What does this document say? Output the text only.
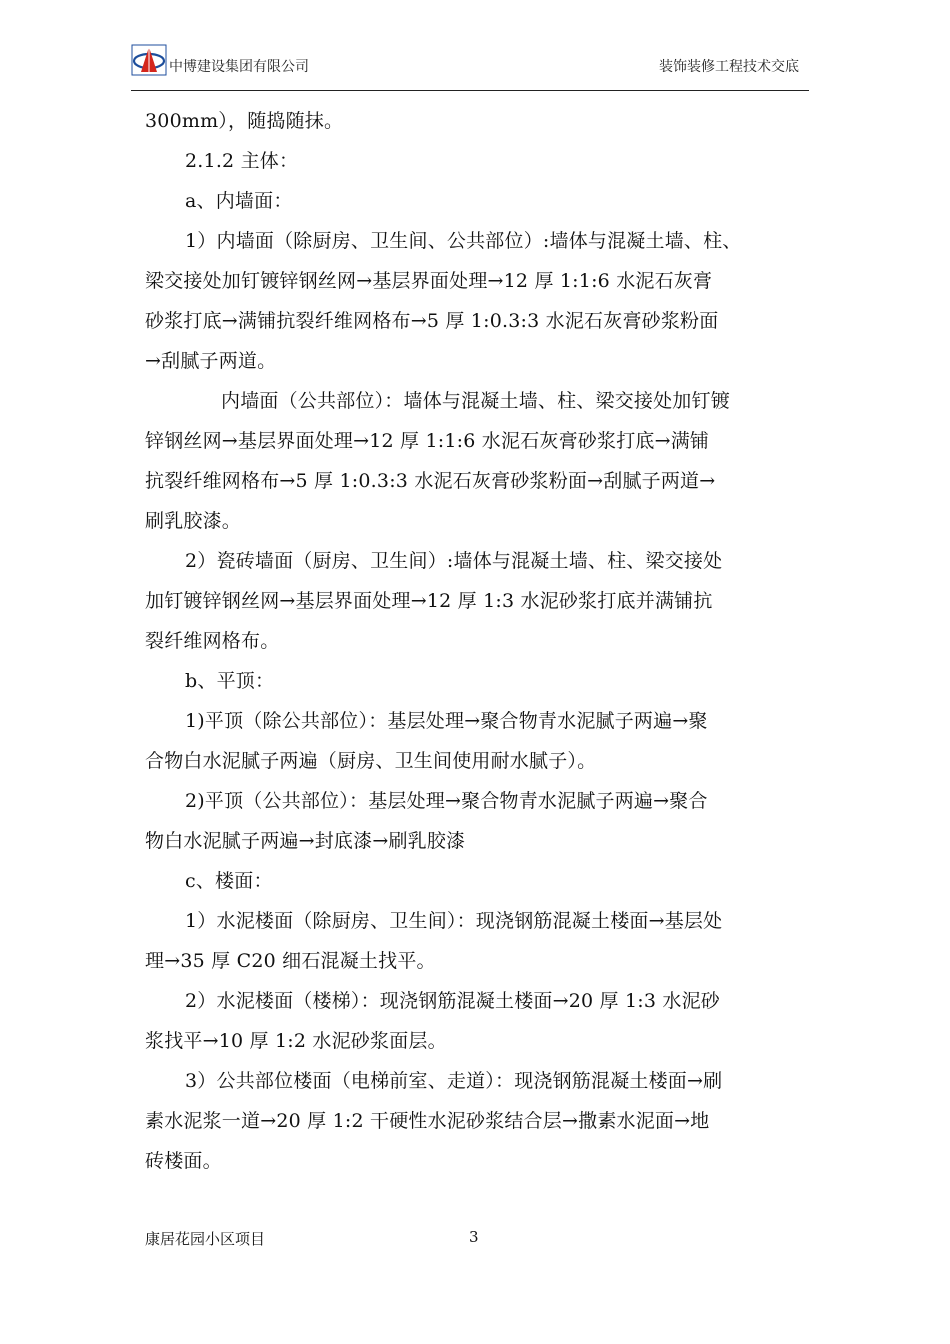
中博建设集团有限公司	装饰装修工程技术交底

300mm），随捣随抹。

2.1.2 主体：

a、内墙面：

1）内墙面（除厨房、卫生间、公共部位）:墙体与混凝土墙、柱、

梁交接处加钉镀锌钢丝网→基层界面处理→12 厚 1:1:6 水泥石灰膏

砂浆打底→满铺抗裂纤维网格布→5 厚 1:0.3:3 水泥石灰膏砂浆粉面

→刮腻子两道。

内墙面（公共部位）：墙体与混凝土墙、柱、梁交接处加钉镀

锌钢丝网→基层界面处理→12 厚 1:1:6 水泥石灰膏砂浆打底→满铺

抗裂纤维网格布→5 厚 1:0.3:3 水泥石灰膏砂浆粉面→刮腻子两道→

刷乳胶漆。

2）瓷砖墙面（厨房、卫生间）:墙体与混凝土墙、柱、梁交接处

加钉镀锌钢丝网→基层界面处理→12 厚 1:3 水泥砂浆打底并满铺抗

裂纤维网格布。

b、平顶：

1)平顶（除公共部位）：基层处理→聚合物青水泥腻子两遍→聚

合物白水泥腻子两遍（厨房、卫生间使用耐水腻子）。

2)平顶（公共部位）：基层处理→聚合物青水泥腻子两遍→聚合

物白水泥腻子两遍→封底漆→刷乳胶漆

c、楼面：

1）水泥楼面（除厨房、卫生间）：现浇钢筋混凝土楼面→基层处

理→35 厚 C20 细石混凝土找平。

2）水泥楼面（楼梯）：现浇钢筋混凝土楼面→20 厚 1:3 水泥砂

浆找平→10 厚 1:2 水泥砂浆面层。

3）公共部位楼面（电梯前室、走道）：现浇钢筋混凝土楼面→刷

素水泥浆一道→20 厚 1:2 干硬性水泥砂浆结合层→撒素水泥面→地

砖楼面。

康居花园小区项目	3
